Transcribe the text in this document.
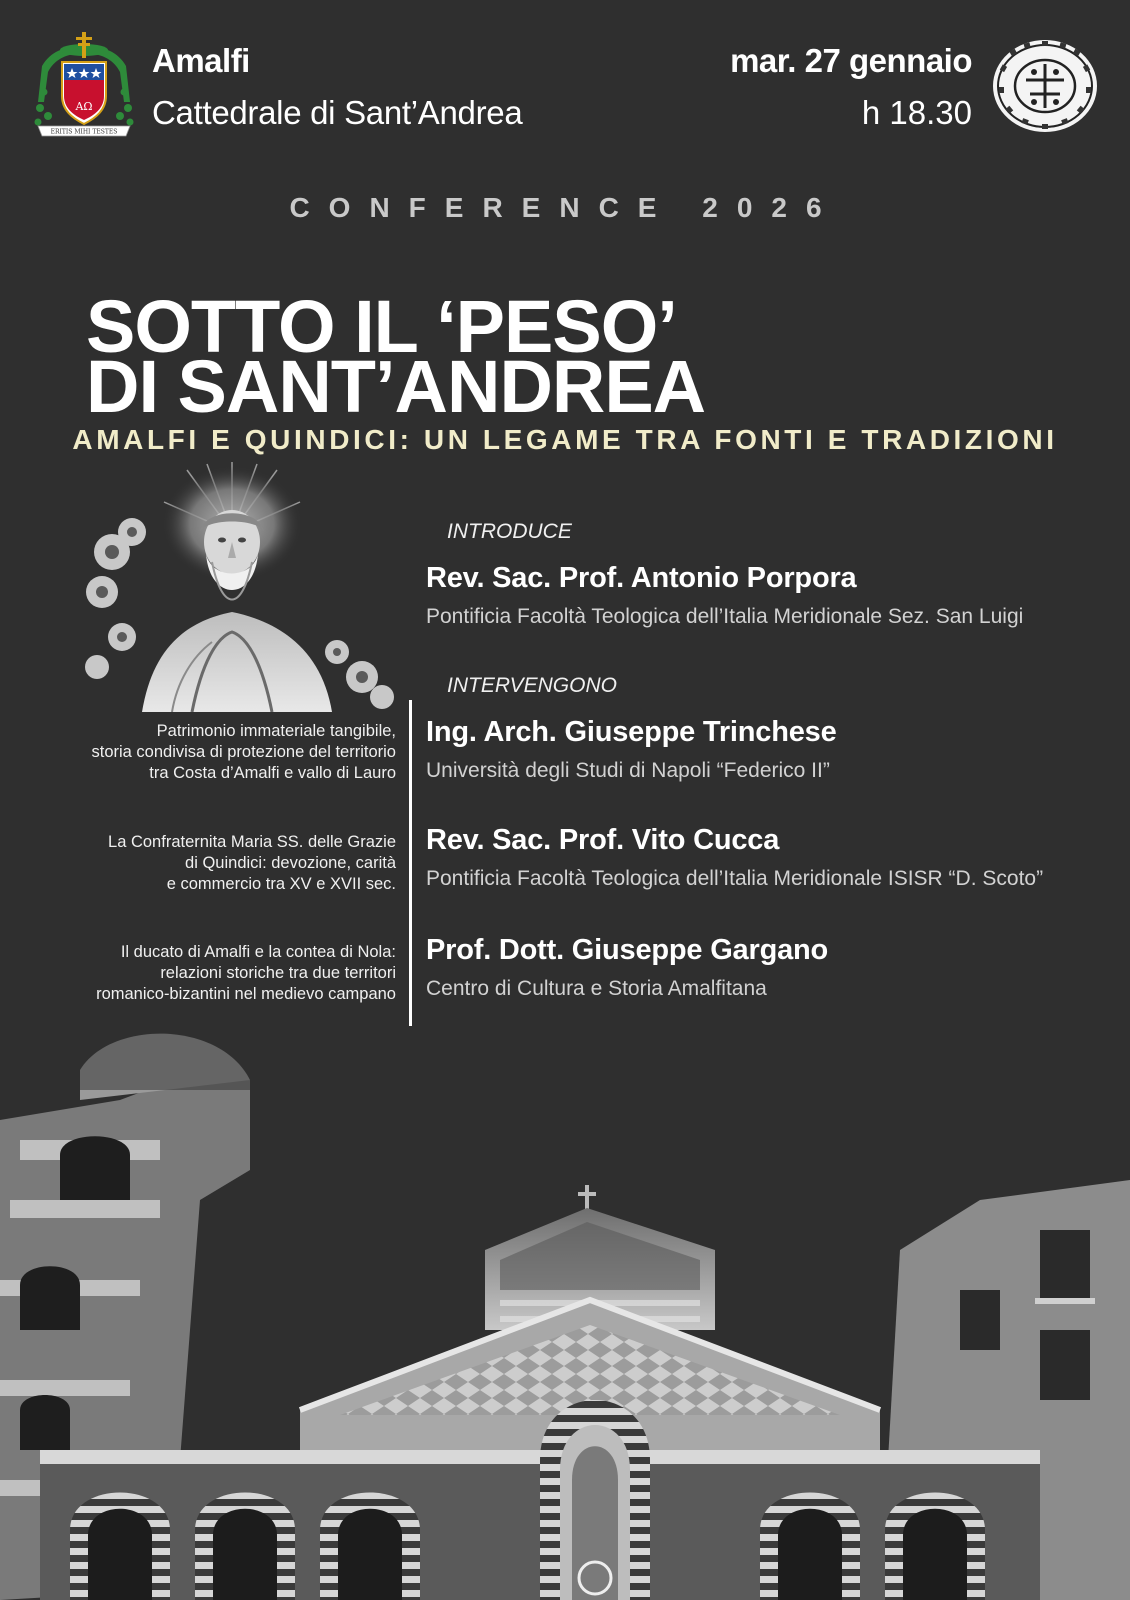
AΩ
ERITIS MIHI TESTES
Amalfi
Cattedrale di Sant’Andrea
mar. 27 gennaio
h 18.30
CONFERENCE 2026
SOTTO IL ‘PESO’
DI SANT’ANDREA
AMALFI E QUINDICI: UN LEGAME TRA FONTI E TRADIZIONI
INTRODUCE
Rev. Sac. Prof. Antonio Porpora
Pontificia Facoltà Teologica dell’Italia Meridionale Sez. San Luigi
INTERVENGONO
Ing. Arch. Giuseppe Trinchese
Università degli Studi di Napoli “Federico II”
Patrimonio immateriale tangibile,
storia condivisa di protezione del territorio
tra Costa d’Amalfi e vallo di Lauro
Rev. Sac. Prof. Vito Cucca
Pontificia Facoltà Teologica dell’Italia Meridionale ISISR “D. Scoto”
La Confraternita Maria SS. delle Grazie
di Quindici: devozione, carità
e commercio tra XV e XVII sec.
Prof. Dott. Giuseppe Gargano
Centro di Cultura e Storia Amalfitana
Il ducato di Amalfi e la contea di Nola:
relazioni storiche tra due territori
romanico-bizantini nel medievo campano
